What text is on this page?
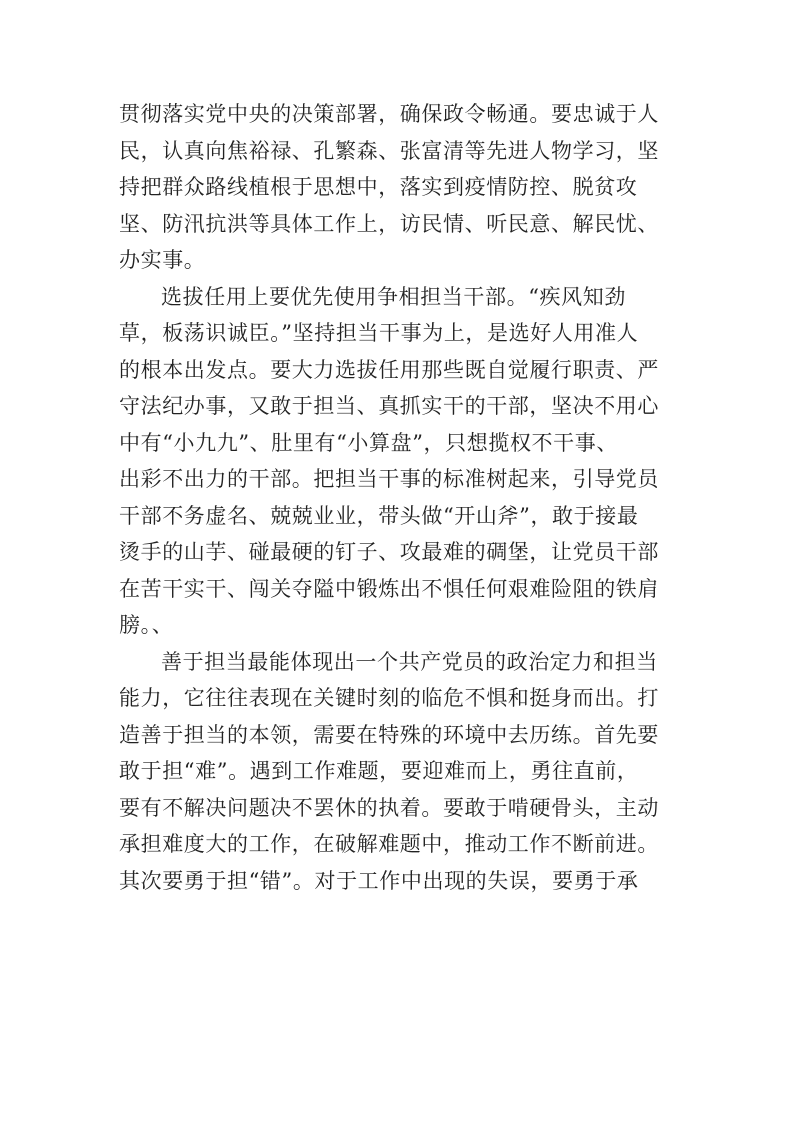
贯彻落实党中央的决策部署，确保政令畅通。要忠诚于人
民，认真向焦裕禄、孔繁森、张富清等先进人物学习，坚
持把群众路线植根于思想中，落实到疫情防控、脱贫攻
坚、防汛抗洪等具体工作上，访民情、听民意、解民忧、
办实事。

选拔任用上要优先使用争相担当干部。“疾风知劲
草，板荡识诚臣。”坚持担当干事为上，是选好人用准人
的根本出发点。要大力选拔任用那些既自觉履行职责、严
守法纪办事，又敢于担当、真抓实干的干部，坚决不用心
中有“小九九”、肚里有“小算盘”，只想揽权不干事、
出彩不出力的干部。把担当干事的标准树起来，引导党员
干部不务虚名、兢兢业业，带头做“开山斧”，敢于接最
烫手的山芋、碰最硬的钉子、攻最难的碉堡，让党员干部
在苦干实干、闯关夺隘中锻炼出不惧任何艰难险阻的铁肩
膀。、

善于担当最能体现出一个共产党员的政治定力和担当
能力，它往往表现在关键时刻的临危不惧和挺身而出。打
造善于担当的本领，需要在特殊的环境中去历练。首先要
敢于担“难”。遇到工作难题，要迎难而上，勇往直前，
要有不解决问题决不罢休的执着。要敢于啃硬骨头，主动
承担难度大的工作，在破解难题中，推动工作不断前进。
其次要勇于担“错”。对于工作中出现的失误，要勇于承
